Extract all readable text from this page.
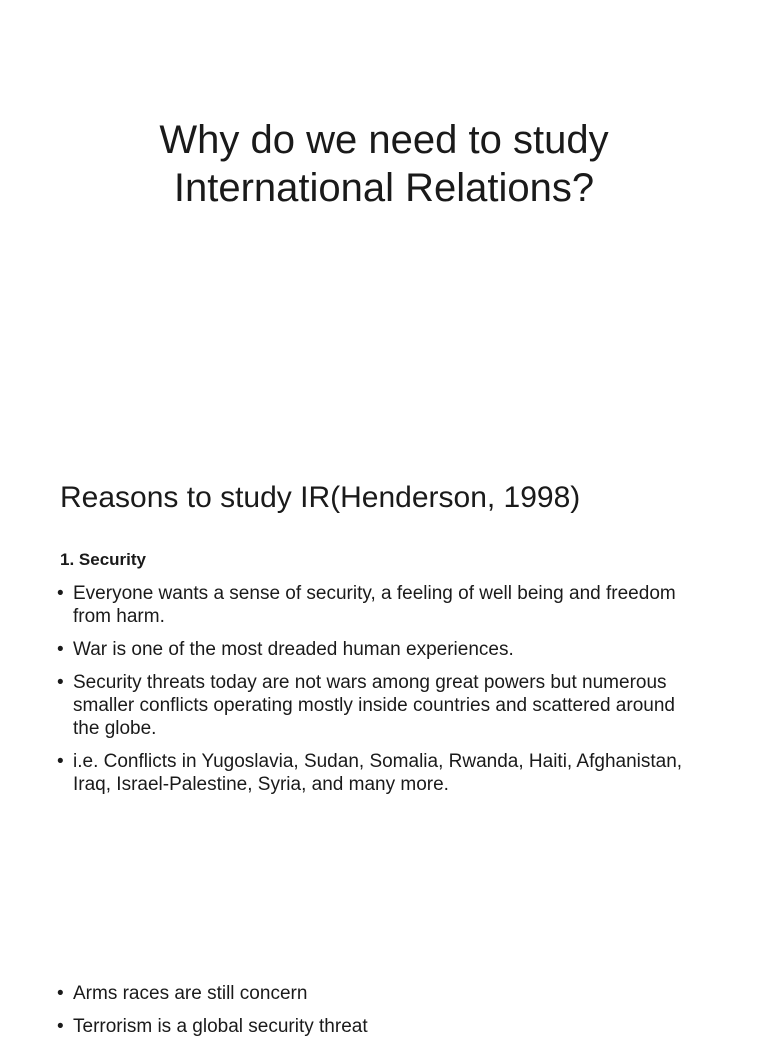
Why do we need to study
International Relations?
Reasons to study IR(Henderson, 1998)

1. Security

• Everyone wants a sense of security, a feeling of well being and freedom from harm.
• War is one of the most dreaded human experiences.
• Security threats today are not wars among great powers but numerous smaller conflicts operating mostly inside countries and scattered around the globe.
• i.e. Conflicts in Yugoslavia, Sudan, Somalia, Rwanda, Haiti, Afghanistan, Iraq, Israel-Palestine, Syria, and many more.
• Arms races are still concern
• Terrorism is a global security threat
